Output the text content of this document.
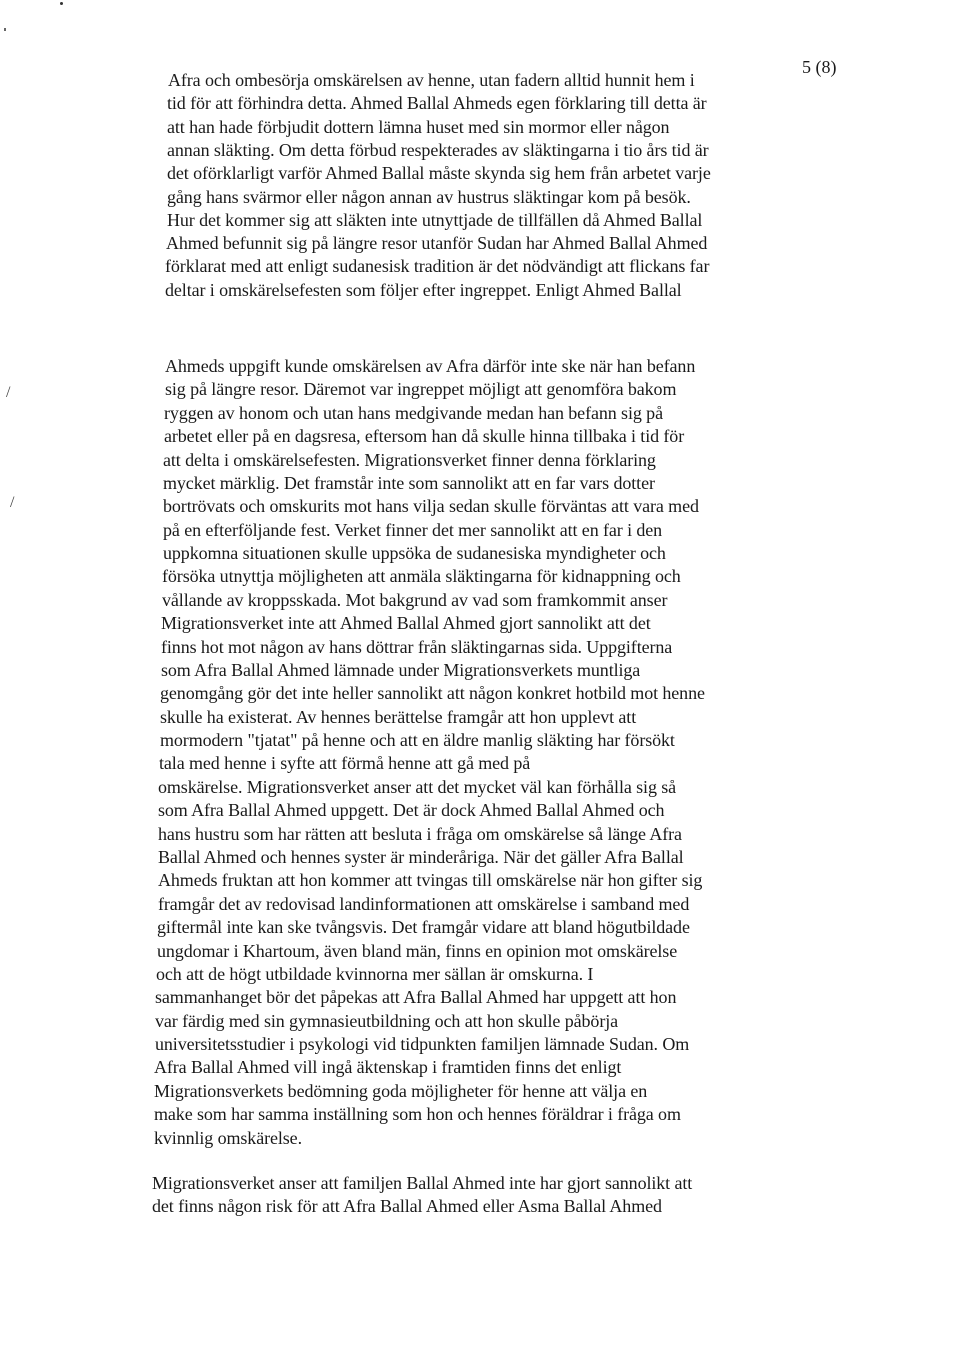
5 (8)
/
/
Afra och ombesörja omskärelsen av henne, utan fadern alltid hunnit hem i
tid för att förhindra detta. Ahmed Ballal Ahmeds egen förklaring till detta är
att han hade förbjudit dottern lämna huset med sin mormor eller någon
annan släkting. Om detta förbud respekterades av släktingarna i tio års tid är
det oförklarligt varför Ahmed Ballal måste skynda sig hem från arbetet varje
gång hans svärmor eller någon annan av hustrus släktingar kom på besök.
Hur det kommer sig att släkten inte utnyttjade de tillfällen då Ahmed Ballal
Ahmed befunnit sig på längre resor utanför Sudan har Ahmed Ballal Ahmed
förklarat med att enligt sudanesisk tradition är det nödvändigt att flickans far
deltar i omskärelsefesten som följer efter ingreppet. Enligt Ahmed Ballal
Ahmeds uppgift kunde omskärelsen av Afra därför inte ske när han befann
sig på längre resor. Däremot var ingreppet möjligt att genomföra bakom
ryggen av honom och utan hans medgivande medan han befann sig på
arbetet eller på en dagsresa, eftersom han då skulle hinna tillbaka i tid för
att delta i omskärelsefesten. Migrationsverket finner denna förklaring
mycket märklig. Det framstår inte som sannolikt att en far vars dotter
bortrövats och omskurits mot hans vilja sedan skulle förväntas att vara med
på en efterföljande fest. Verket finner det mer sannolikt att en far i den
uppkomna situationen skulle uppsöka de sudanesiska myndigheter och
försöka utnyttja möjligheten att anmäla släktingarna för kidnappning och
vållande av kroppsskada. Mot bakgrund av vad som framkommit anser
Migrationsverket inte att Ahmed Ballal Ahmed gjort sannolikt att det
finns hot mot någon av hans döttrar från släktingarnas sida. Uppgifterna
som Afra Ballal Ahmed lämnade under Migrationsverkets muntliga
genomgång gör det inte heller sannolikt att någon konkret hotbild mot henne
skulle ha existerat. Av hennes berättelse framgår att hon upplevt att
mormodern "tjatat" på henne och att en äldre manlig släkting har försökt
tala med henne i syfte att förmå henne att gå med på
omskärelse. Migrationsverket anser att det mycket väl kan förhålla sig så
som Afra Ballal Ahmed uppgett. Det är dock Ahmed Ballal Ahmed och
hans hustru som har rätten att besluta i fråga om omskärelse så länge Afra
Ballal Ahmed och hennes syster är minderåriga. När det gäller Afra Ballal
Ahmeds fruktan att hon kommer att tvingas till omskärelse när hon gifter sig
framgår det av redovisad landinformationen att omskärelse i samband med
giftermål inte kan ske tvångsvis. Det framgår vidare att bland högutbildade
ungdomar i Khartoum, även bland män, finns en opinion mot omskärelse
och att de högt utbildade kvinnorna mer sällan är omskurna. I
sammanhanget bör det påpekas att Afra Ballal Ahmed har uppgett att hon
var färdig med sin gymnasieutbildning och att hon skulle påbörja
universitetsstudier i psykologi vid tidpunkten familjen lämnade Sudan. Om
Afra Ballal Ahmed vill ingå äktenskap i framtiden finns det enligt
Migrationsverkets bedömning goda möjligheter för henne att välja en
make som har samma inställning som hon och hennes föräldrar i fråga om
kvinnlig omskärelse.
Migrationsverket anser att familjen Ballal Ahmed inte har gjort sannolikt att
det finns någon risk för att Afra Ballal Ahmed eller Asma Ballal Ahmed
